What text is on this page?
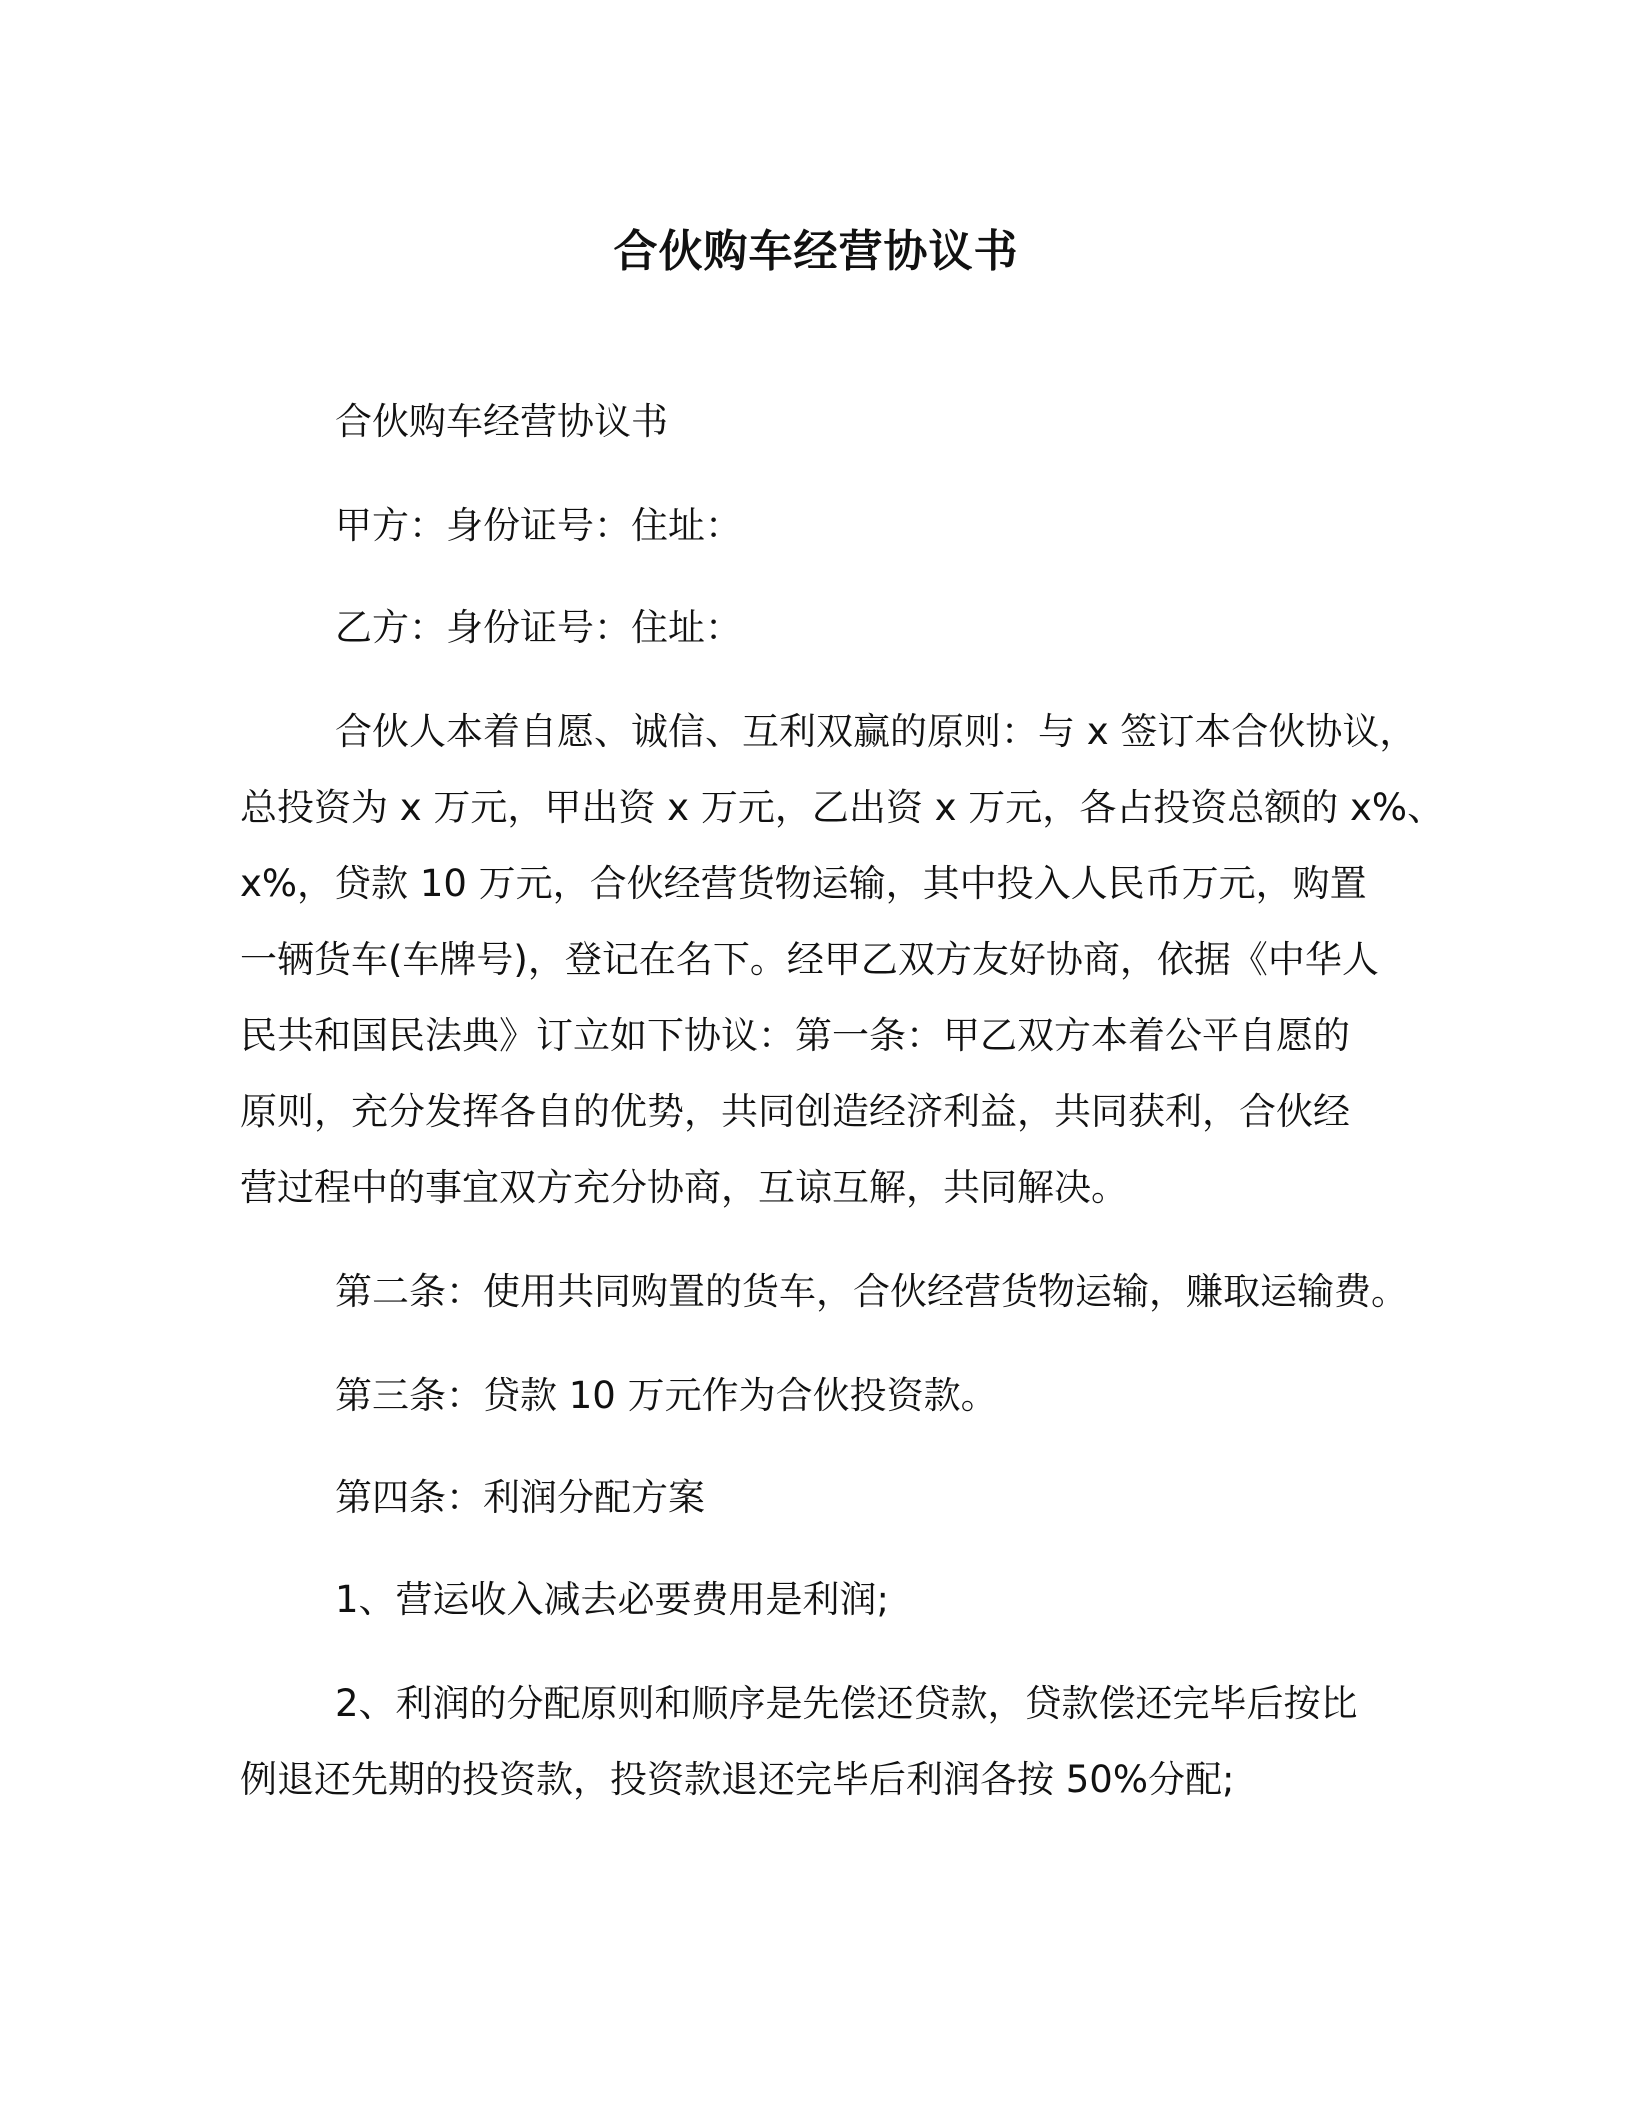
合伙购车经营协议书
合伙购车经营协议书
甲方：身份证号：住址：
乙方：身份证号：住址：
合伙人本着自愿、诚信、互利双赢的原则：与 x 签订本合伙协议，
总投资为 x 万元，甲出资 x 万元，乙出资 x 万元，各占投资总额的 x%、
x%，贷款 10 万元，合伙经营货物运输，其中投入人民币万元，购置
一辆货车(车牌号)，登记在名下。经甲乙双方友好协商，依据《中华人
民共和国民法典》订立如下协议：第一条：甲乙双方本着公平自愿的
原则，充分发挥各自的优势，共同创造经济利益，共同获利，合伙经
营过程中的事宜双方充分协商，互谅互解，共同解决。
第二条：使用共同购置的货车，合伙经营货物运输，赚取运输费。
第三条：贷款 10 万元作为合伙投资款。
第四条：利润分配方案
1、营运收入减去必要费用是利润;
2、利润的分配原则和顺序是先偿还贷款，贷款偿还完毕后按比
例退还先期的投资款，投资款退还完毕后利润各按 50%分配;
